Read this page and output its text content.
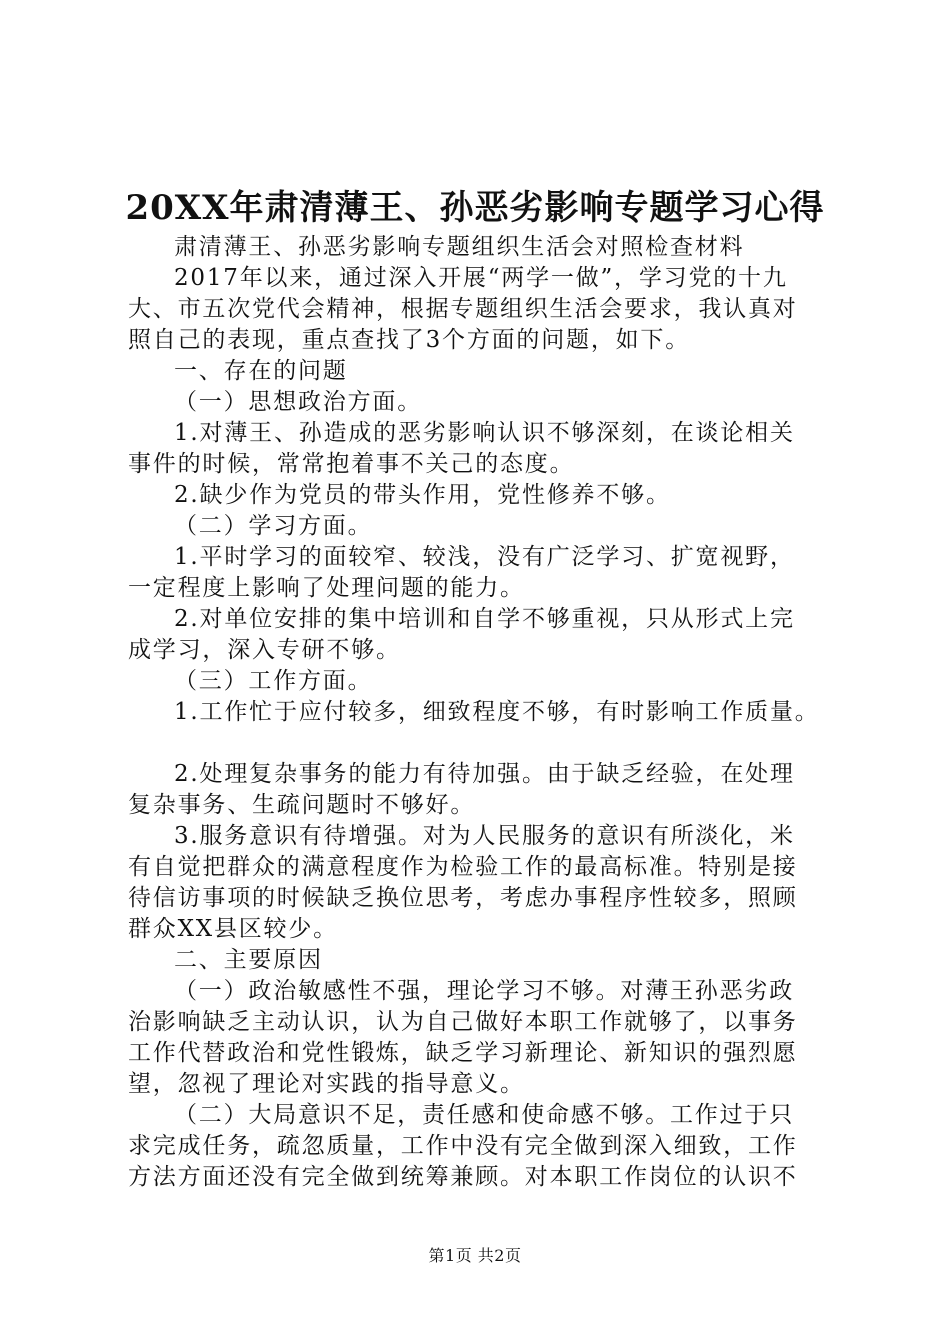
20XX年肃清薄王、孙恶劣影响专题学习心得
肃清薄王、孙恶劣影响专题组织生活会对照检查材料
2017年以来，通过深入开展“两学一做”，学习党的十九
大、市五次党代会精神，根据专题组织生活会要求，我认真对
照自己的表现，重点查找了3个方面的问题，如下。
一、存在的问题
（一）思想政治方面。
1.对薄王、孙造成的恶劣影响认识不够深刻，在谈论相关
事件的时候，常常抱着事不关己的态度。
2.缺少作为党员的带头作用，党性修养不够。
（二）学习方面。
1.平时学习的面较窄、较浅，没有广泛学习、扩宽视野，
一定程度上影响了处理问题的能力。
2.对单位安排的集中培训和自学不够重视，只从形式上完
成学习，深入专研不够。
（三）工作方面。
1.工作忙于应付较多，细致程度不够，有时影响工作质量。
2.处理复杂事务的能力有待加强。由于缺乏经验，在处理
复杂事务、生疏问题时不够好。
3.服务意识有待增强。对为人民服务的意识有所淡化，米
有自觉把群众的满意程度作为检验工作的最高标准。特别是接
待信访事项的时候缺乏换位思考，考虑办事程序性较多，照顾
群众XX县区较少。
二、主要原因
（一）政治敏感性不强，理论学习不够。对薄王孙恶劣政
治影响缺乏主动认识，认为自己做好本职工作就够了，以事务
工作代替政治和党性锻炼，缺乏学习新理论、新知识的强烈愿
望，忽视了理论对实践的指导意义。
（二）大局意识不足，责任感和使命感不够。工作过于只
求完成任务，疏忽质量，工作中没有完全做到深入细致，工作
方法方面还没有完全做到统筹兼顾。对本职工作岗位的认识不
第1页 共2页
